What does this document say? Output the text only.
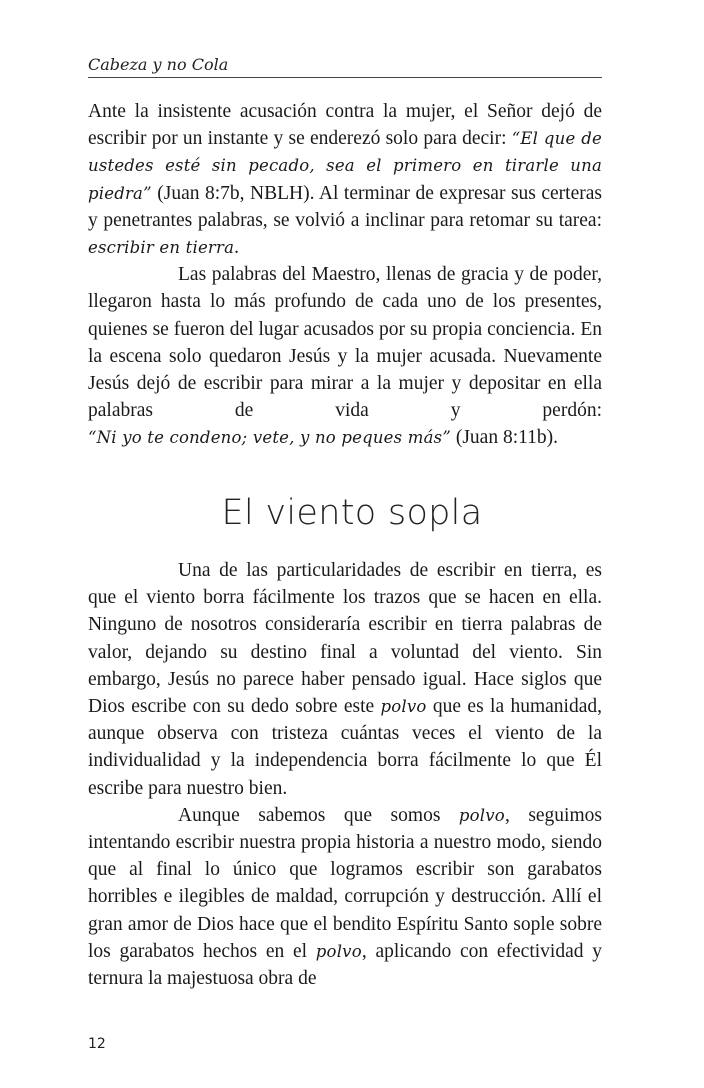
Cabeza y no Cola

Ante la insistente acusación contra la mujer, el Señor dejó de escribir por un instante y se enderezó solo para decir: “El que de ustedes esté sin pecado, sea el primero en tirarle una piedra” (Juan 8:7b, NBLH). Al terminar de expresar sus certeras y penetrantes palabras, se volvió a inclinar para retomar su tarea: escribir en tierra.

Las palabras del Maestro, llenas de gracia y de poder, llegaron hasta lo más profundo de cada uno de los presentes, quienes se fueron del lugar acusados por su propia conciencia. En la escena solo quedaron Jesús y la mujer acusada. Nuevamente Jesús dejó de escribir para mirar a la mujer y depositar en ella palabras de vida y perdón: “Ni yo te condeno; vete, y no peques más” (Juan 8:11b).

El viento sopla

Una de las particularidades de escribir en tierra, es que el viento borra fácilmente los trazos que se hacen en ella. Ninguno de nosotros consideraría escribir en tierra palabras de valor, dejando su destino final a voluntad del viento. Sin embargo, Jesús no parece haber pensado igual. Hace siglos que Dios escribe con su dedo sobre este polvo que es la humanidad, aunque observa con tristeza cuántas veces el viento de la individualidad y la independencia borra fácilmente lo que Él escribe para nuestro bien.

Aunque sabemos que somos polvo, seguimos intentando escribir nuestra propia historia a nuestro modo, siendo que al final lo único que logramos escribir son garabatos horribles e ilegibles de maldad, corrupción y destrucción. Allí el gran amor de Dios hace que el bendito Espíritu Santo sople sobre los garabatos hechos en el polvo, aplicando con efectividad y ternura la majestuosa obra de

12
